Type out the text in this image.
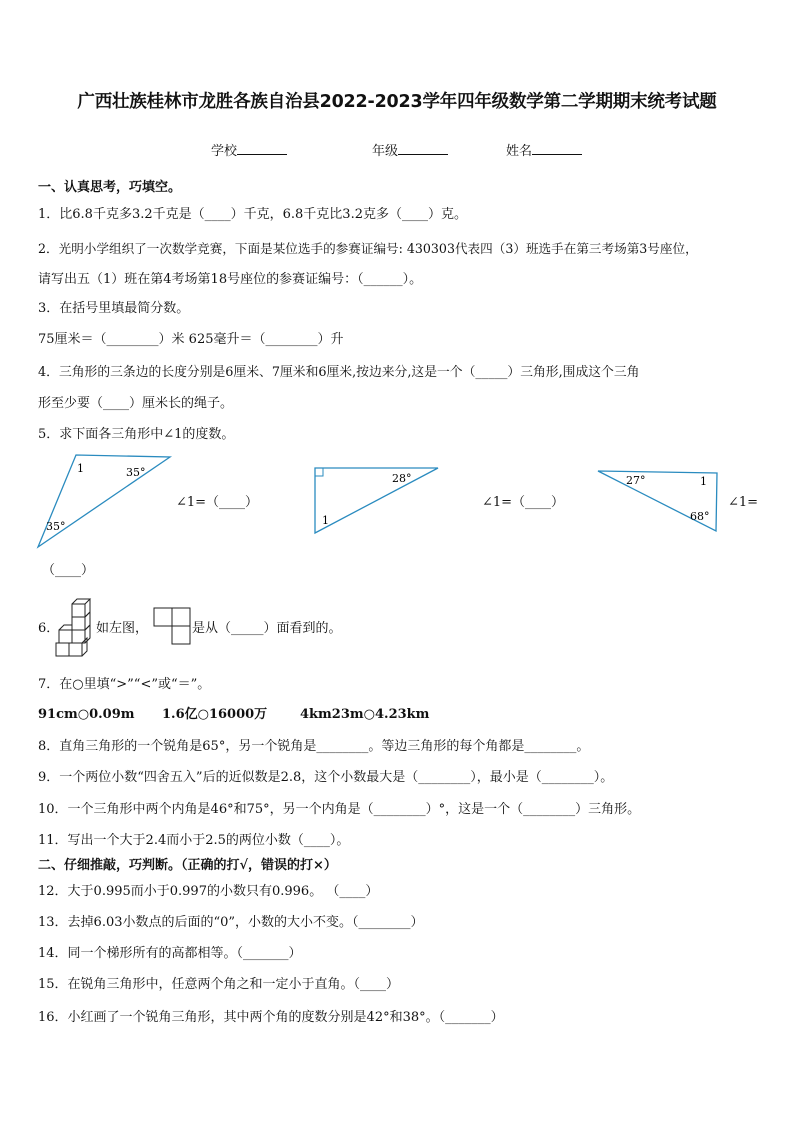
广西壮族桂林市龙胜各族自治县2022-2023学年四年级数学第二学期期末统考试题
学校	年级	姓名
一、认真思考，巧填空。
1．比6.8千克多3.2千克是（____）千克，6.8千克比3.2克多（____）克。
2．光明小学组织了一次数学竞赛，下面是某位选手的参赛证编号: 430303代表四（3）班选手在第三考场第3号座位，
请写出五（1）班在第4考场第18号座位的参赛证编号：（______）。
3．在括号里填最简分数。
75厘米＝（________）米 625毫升＝（________）升
4．三角形的三条边的长度分别是6厘米、7厘米和6厘米,按边来分,这是一个（_____）三角形,围成这个三角
形至少要（____）厘米长的绳子。
5．求下面各三角形中∠1的度数。
1	35°
35°
∠1=（____）
28°
1
∠1=（____）
27°	1
68°
∠1=
（____）
6．	如左图，	是从（_____）面看到的。
7．在○里填“>”“<”或“＝”。
91cm○0.09m	1.6亿○16000万	4km23m○4.23km
8．直角三角形的一个锐角是65°，另一个锐角是________。等边三角形的每个角都是________。
9．一个两位小数“四舍五入”后的近似数是2.8，这个小数最大是（________），最小是（________）。
10．一个三角形中两个内角是46°和75°，另一个内角是（________）°，这是一个（________）三角形。
11．写出一个大于2.4而小于2.5的两位小数（____）。
二、仔细推敲，巧判断。（正确的打√，错误的打×）
12．大于0.995而小于0.997的小数只有0.996。 （____）
13．去掉6.03小数点的后面的“0”，小数的大小不变。（________）
14．同一个梯形所有的高都相等。（_______）
15．在锐角三角形中，任意两个角之和一定小于直角。（____）
16．小红画了一个锐角三角形，其中两个角的度数分别是42°和38°。（_______）
